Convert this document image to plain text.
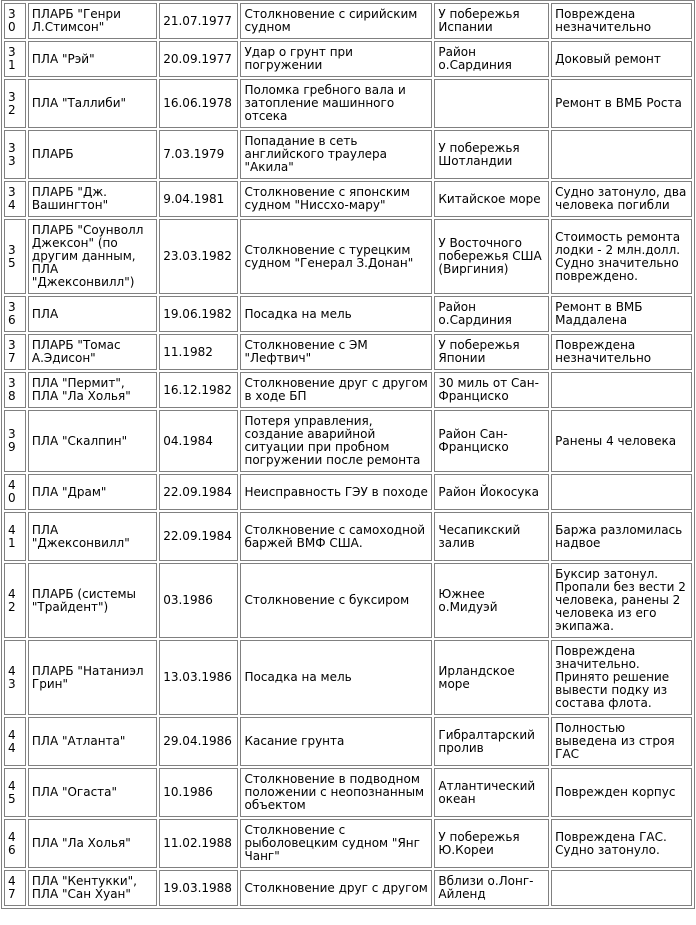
30	ПЛАРБ "Генри Л.Стимсон"	21.07.1977	Столкновение с сирийским судном	У побережья Испании	Повреждена незначительно
31	ПЛА "Рэй"	20.09.1977	Удар о грунт при погружении	Район о.Сардиния	Доковый ремонт
32	ПЛА "Таллиби"	16.06.1978	Поломка гребного вала и затопление машинного отсека		Ремонт в ВМБ Роста
33	ПЛАРБ	7.03.1979	Попадание в сеть английского траулера "Акила"	У побережья Шотландии	
34	ПЛАРБ "Дж. Вашингтон"	9.04.1981	Столкновение с японским судном "Ниссхо-мару"	Китайское море	Судно затонуло, два человека погибли
35	ПЛАРБ "Соунволл Джексон" (по другим данным, ПЛА "Джексонвилл")	23.03.1982	Столкновение с турецким судном "Генерал З.Донан"	У Восточного побережья США (Виргиния)	Стоимость ремонта лодки - 2 млн.долл. Судно значительно повреждено.
36	ПЛА	19.06.1982	Посадка на мель	Район о.Сардиния	Ремонт в ВМБ Маддалена
37	ПЛАРБ "Томас А.Эдисон"	11.1982	Столкновение с ЭМ "Лефтвич"	У побережья Японии	Повреждена незначительно
38	ПЛА "Пермит", ПЛА "Ла Холья"	16.12.1982	Столкновение друг с другом в ходе БП	30 миль от Сан-Франциско	
39	ПЛА "Скалпин"	04.1984	Потеря управления, создание аварийной ситуации при пробном погружении после ремонта	Район Сан-Франциско	Ранены 4 человека
40	ПЛА "Драм"	22.09.1984	Неисправность ГЭУ в походе	Район Йокосука	
41	ПЛА "Джексонвилл"	22.09.1984	Столкновение с самоходной баржей ВМФ США.	Чесапикский залив	Баржа разломилась надвое
42	ПЛАРБ (системы "Трайдент")	03.1986	Столкновение с буксиром	Южнее о.Мидуэй	Буксир затонул. Пропали без вести 2 человека, ранены 2 человека из его экипажа.
43	ПЛАРБ "Натаниэл Грин"	13.03.1986	Посадка на мель	Ирландское море	Повреждена значительно. Принято решение вывести подку из состава флота.
44	ПЛА "Атланта"	29.04.1986	Касание грунта	Гибралтарский пролив	Полностью выведена из строя ГАС
45	ПЛА "Огаста"	10.1986	Столкновение в подводном положении с неопознанным объектом	Атлантический океан	Поврежден корпус
46	ПЛА "Ла Холья"	11.02.1988	Столкновение с рыболовецким судном "Янг Чанг"	У побережья Ю.Кореи	Повреждена ГАС. Судно затонуло.
47	ПЛА "Кентукки", ПЛА "Сан Хуан"	19.03.1988	Столкновение друг с другом	Вблизи о.Лонг-Айленд	
